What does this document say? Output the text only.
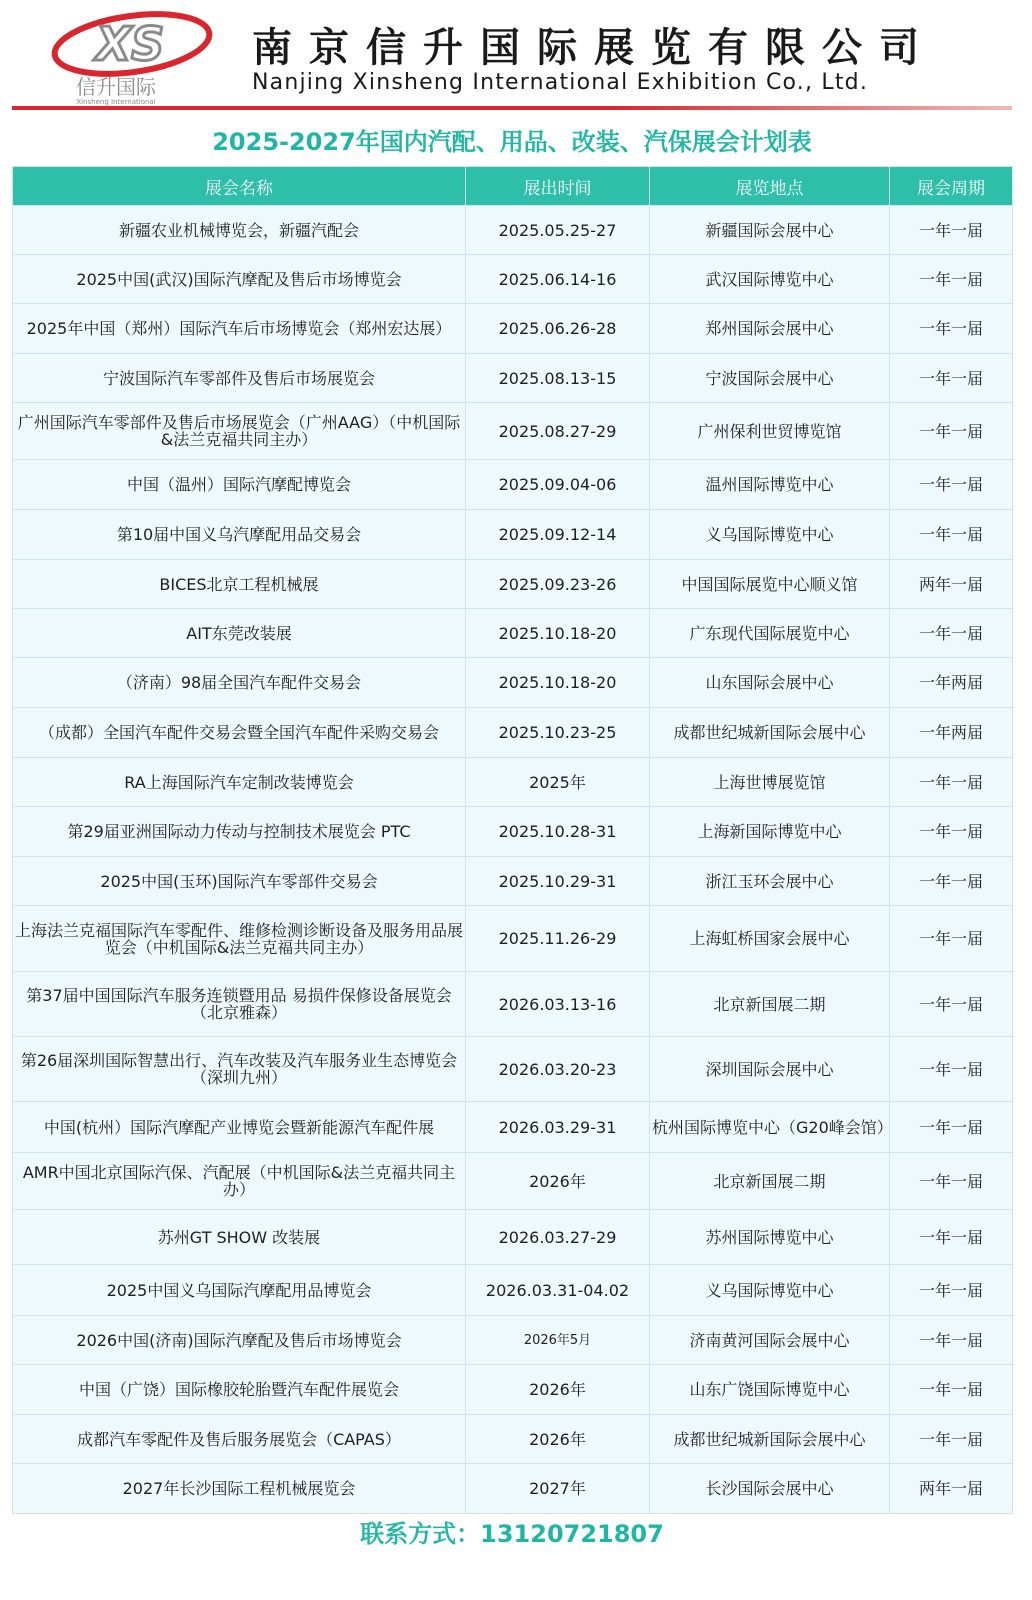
XS
信升国际
Xinsheng International
南京信升国际展览有限公司
Nanjing Xinsheng International Exhibition Co., Ltd.
2025-2027年国内汽配、用品、改装、汽保展会计划表
展会名称	展出时间	展览地点	展会周期
新疆农业机械博览会，新疆汽配会	2025.05.25-27	新疆国际会展中心	一年一届
2025中国(武汉)国际汽摩配及售后市场博览会	2025.06.14-16	武汉国际博览中心	一年一届
2025年中国（郑州）国际汽车后市场博览会（郑州宏达展）	2025.06.26-28	郑州国际会展中心	一年一届
宁波国际汽车零部件及售后市场展览会	2025.08.13-15	宁波国际会展中心	一年一届
广州国际汽车零部件及售后市场展览会（广州AAG）（中机国际&法兰克福共同主办）	2025.08.27-29	广州保利世贸博览馆	一年一届
中国（温州）国际汽摩配博览会	2025.09.04-06	温州国际博览中心	一年一届
第10届中国义乌汽摩配用品交易会	2025.09.12-14	义乌国际博览中心	一年一届
BICES北京工程机械展	2025.09.23-26	中国国际展览中心顺义馆	两年一届
AIT东莞改装展	2025.10.18-20	广东现代国际展览中心	一年一届
（济南）98届全国汽车配件交易会	2025.10.18-20	山东国际会展中心	一年两届
（成都）全国汽车配件交易会暨全国汽车配件采购交易会	2025.10.23-25	成都世纪城新国际会展中心	一年两届
RA上海国际汽车定制改装博览会	2025年	上海世博展览馆	一年一届
第29届亚洲国际动力传动与控制技术展览会 PTC	2025.10.28-31	上海新国际博览中心	一年一届
2025中国(玉环)国际汽车零部件交易会	2025.10.29-31	浙江玉环会展中心	一年一届
上海法兰克福国际汽车零配件、维修检测诊断设备及服务用品展览会（中机国际&法兰克福共同主办）	2025.11.26-29	上海虹桥国家会展中心	一年一届
第37届中国国际汽车服务连锁暨用品 易损件保修设备展览会（北京雅森）	2026.03.13-16	北京新国展二期	一年一届
第26届深圳国际智慧出行、汽车改装及汽车服务业生态博览会（深圳九州）	2026.03.20-23	深圳国际会展中心	一年一届
中国(杭州）国际汽摩配产业博览会暨新能源汽车配件展	2026.03.29-31	杭州国际博览中心（G20峰会馆）	一年一届
AMR中国北京国际汽保、汽配展（中机国际&法兰克福共同主办）	2026年	北京新国展二期	一年一届
苏州GT SHOW 改装展	2026.03.27-29	苏州国际博览中心	一年一届
2025中国义乌国际汽摩配用品博览会	2026.03.31-04.02	义乌国际博览中心	一年一届
2026中国(济南)国际汽摩配及售后市场博览会	2026年5月	济南黄河国际会展中心	一年一届
中国（广饶）国际橡胶轮胎暨汽车配件展览会	2026年	山东广饶国际博览中心	一年一届
成都汽车零配件及售后服务展览会（CAPAS）	2026年	成都世纪城新国际会展中心	一年一届
2027年长沙国际工程机械展览会	2027年	长沙国际会展中心	两年一届
联系方式：13120721807
